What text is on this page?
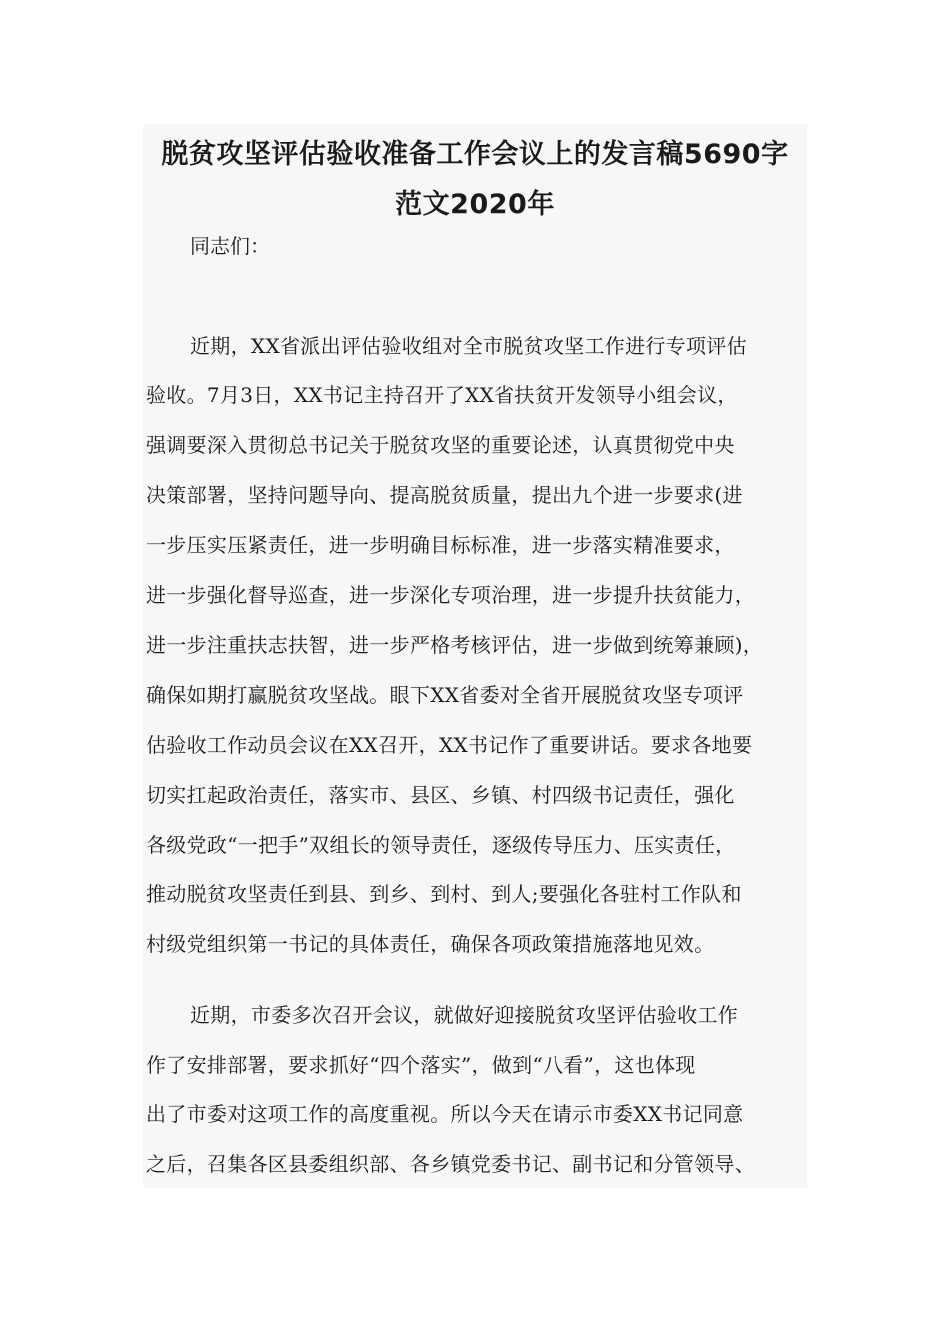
脱贫攻坚评估验收准备工作会议上的发言稿5690字
范文2020年

同志们：

近期，XX省派出评估验收组对全市脱贫攻坚工作进行专项评估

验收。7月3日，XX书记主持召开了XX省扶贫开发领导小组会议，

强调要深入贯彻总书记关于脱贫攻坚的重要论述，认真贯彻党中央

决策部署，坚持问题导向、提高脱贫质量，提出九个进一步要求(进

一步压实压紧责任，进一步明确目标标准，进一步落实精准要求，

进一步强化督导巡查，进一步深化专项治理，进一步提升扶贫能力，

进一步注重扶志扶智，进一步严格考核评估，进一步做到统筹兼顾)，

确保如期打赢脱贫攻坚战。眼下XX省委对全省开展脱贫攻坚专项评

估验收工作动员会议在XX召开，XX书记作了重要讲话。要求各地要

切实扛起政治责任，落实市、县区、乡镇、村四级书记责任，强化

各级党政“一把手”双组长的领导责任，逐级传导压力、压实责任，

推动脱贫攻坚责任到县、到乡、到村、到人;要强化各驻村工作队和

村级党组织第一书记的具体责任，确保各项政策措施落地见效。

近期，市委多次召开会议，就做好迎接脱贫攻坚评估验收工作

作了安排部署，要求抓好“四个落实”，做到“八看”，这也体现

出了市委对这项工作的高度重视。所以今天在请示市委XX书记同意

之后，召集各区县委组织部、各乡镇党委书记、副书记和分管领导、
